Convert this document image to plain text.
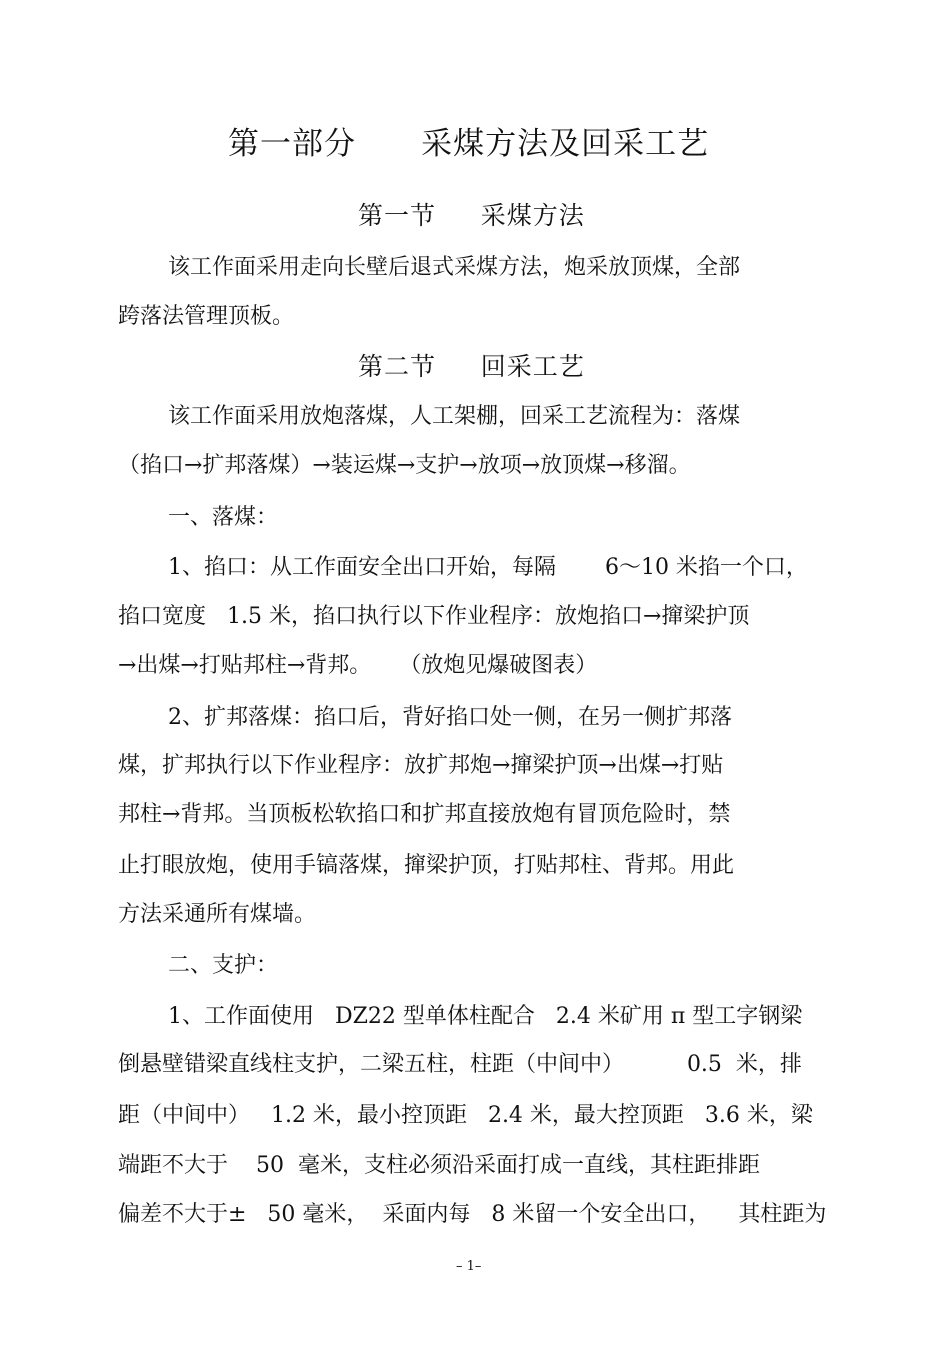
第一部分      采煤方法及回采工艺
第一节     采煤方法
该工作面采用走向长壁后退式采煤方法，炮采放顶煤，全部
跨落法管理顶板。
第二节     回采工艺
该工作面采用放炮落煤，人工架棚，回采工艺流程为：落煤
（掐口→扩邦落煤）→装运煤→支护→放项→放顶煤→移溜。
一、落煤：
1、掐口：从工作面安全出口开始，每隔       6～10 米掐一个口，
掐口宽度   1.5 米，掐口执行以下作业程序：放炮掐口→撺梁护顶
→出煤→打贴邦柱→背邦。    （放炮见爆破图表）
2、扩邦落煤：掐口后，背好掐口处一侧，在另一侧扩邦落
煤，扩邦执行以下作业程序：放扩邦炮→撺梁护顶→出煤→打贴
邦柱→背邦。当顶板松软掐口和扩邦直接放炮有冒顶危险时，禁
止打眼放炮，使用手镐落煤，撺梁护顶，打贴邦柱、背邦。用此
方法采通所有煤墙。
二、支护：
1、工作面使用   DZ22 型单体柱配合   2.4 米矿用 π 型工字钢梁
倒悬壁错梁直线柱支护，二梁五柱，柱距（中间中）         0.5  米，排
距（中间中）   1.2 米，最小控顶距   2.4 米，最大控顶距   3.6 米，梁
端距不大于    50  毫米，支柱必须沿采面打成一直线，其柱距排距
偏差不大于±   50 毫米，  采面内每   8 米留一个安全出口，    其柱距为
– 1–
